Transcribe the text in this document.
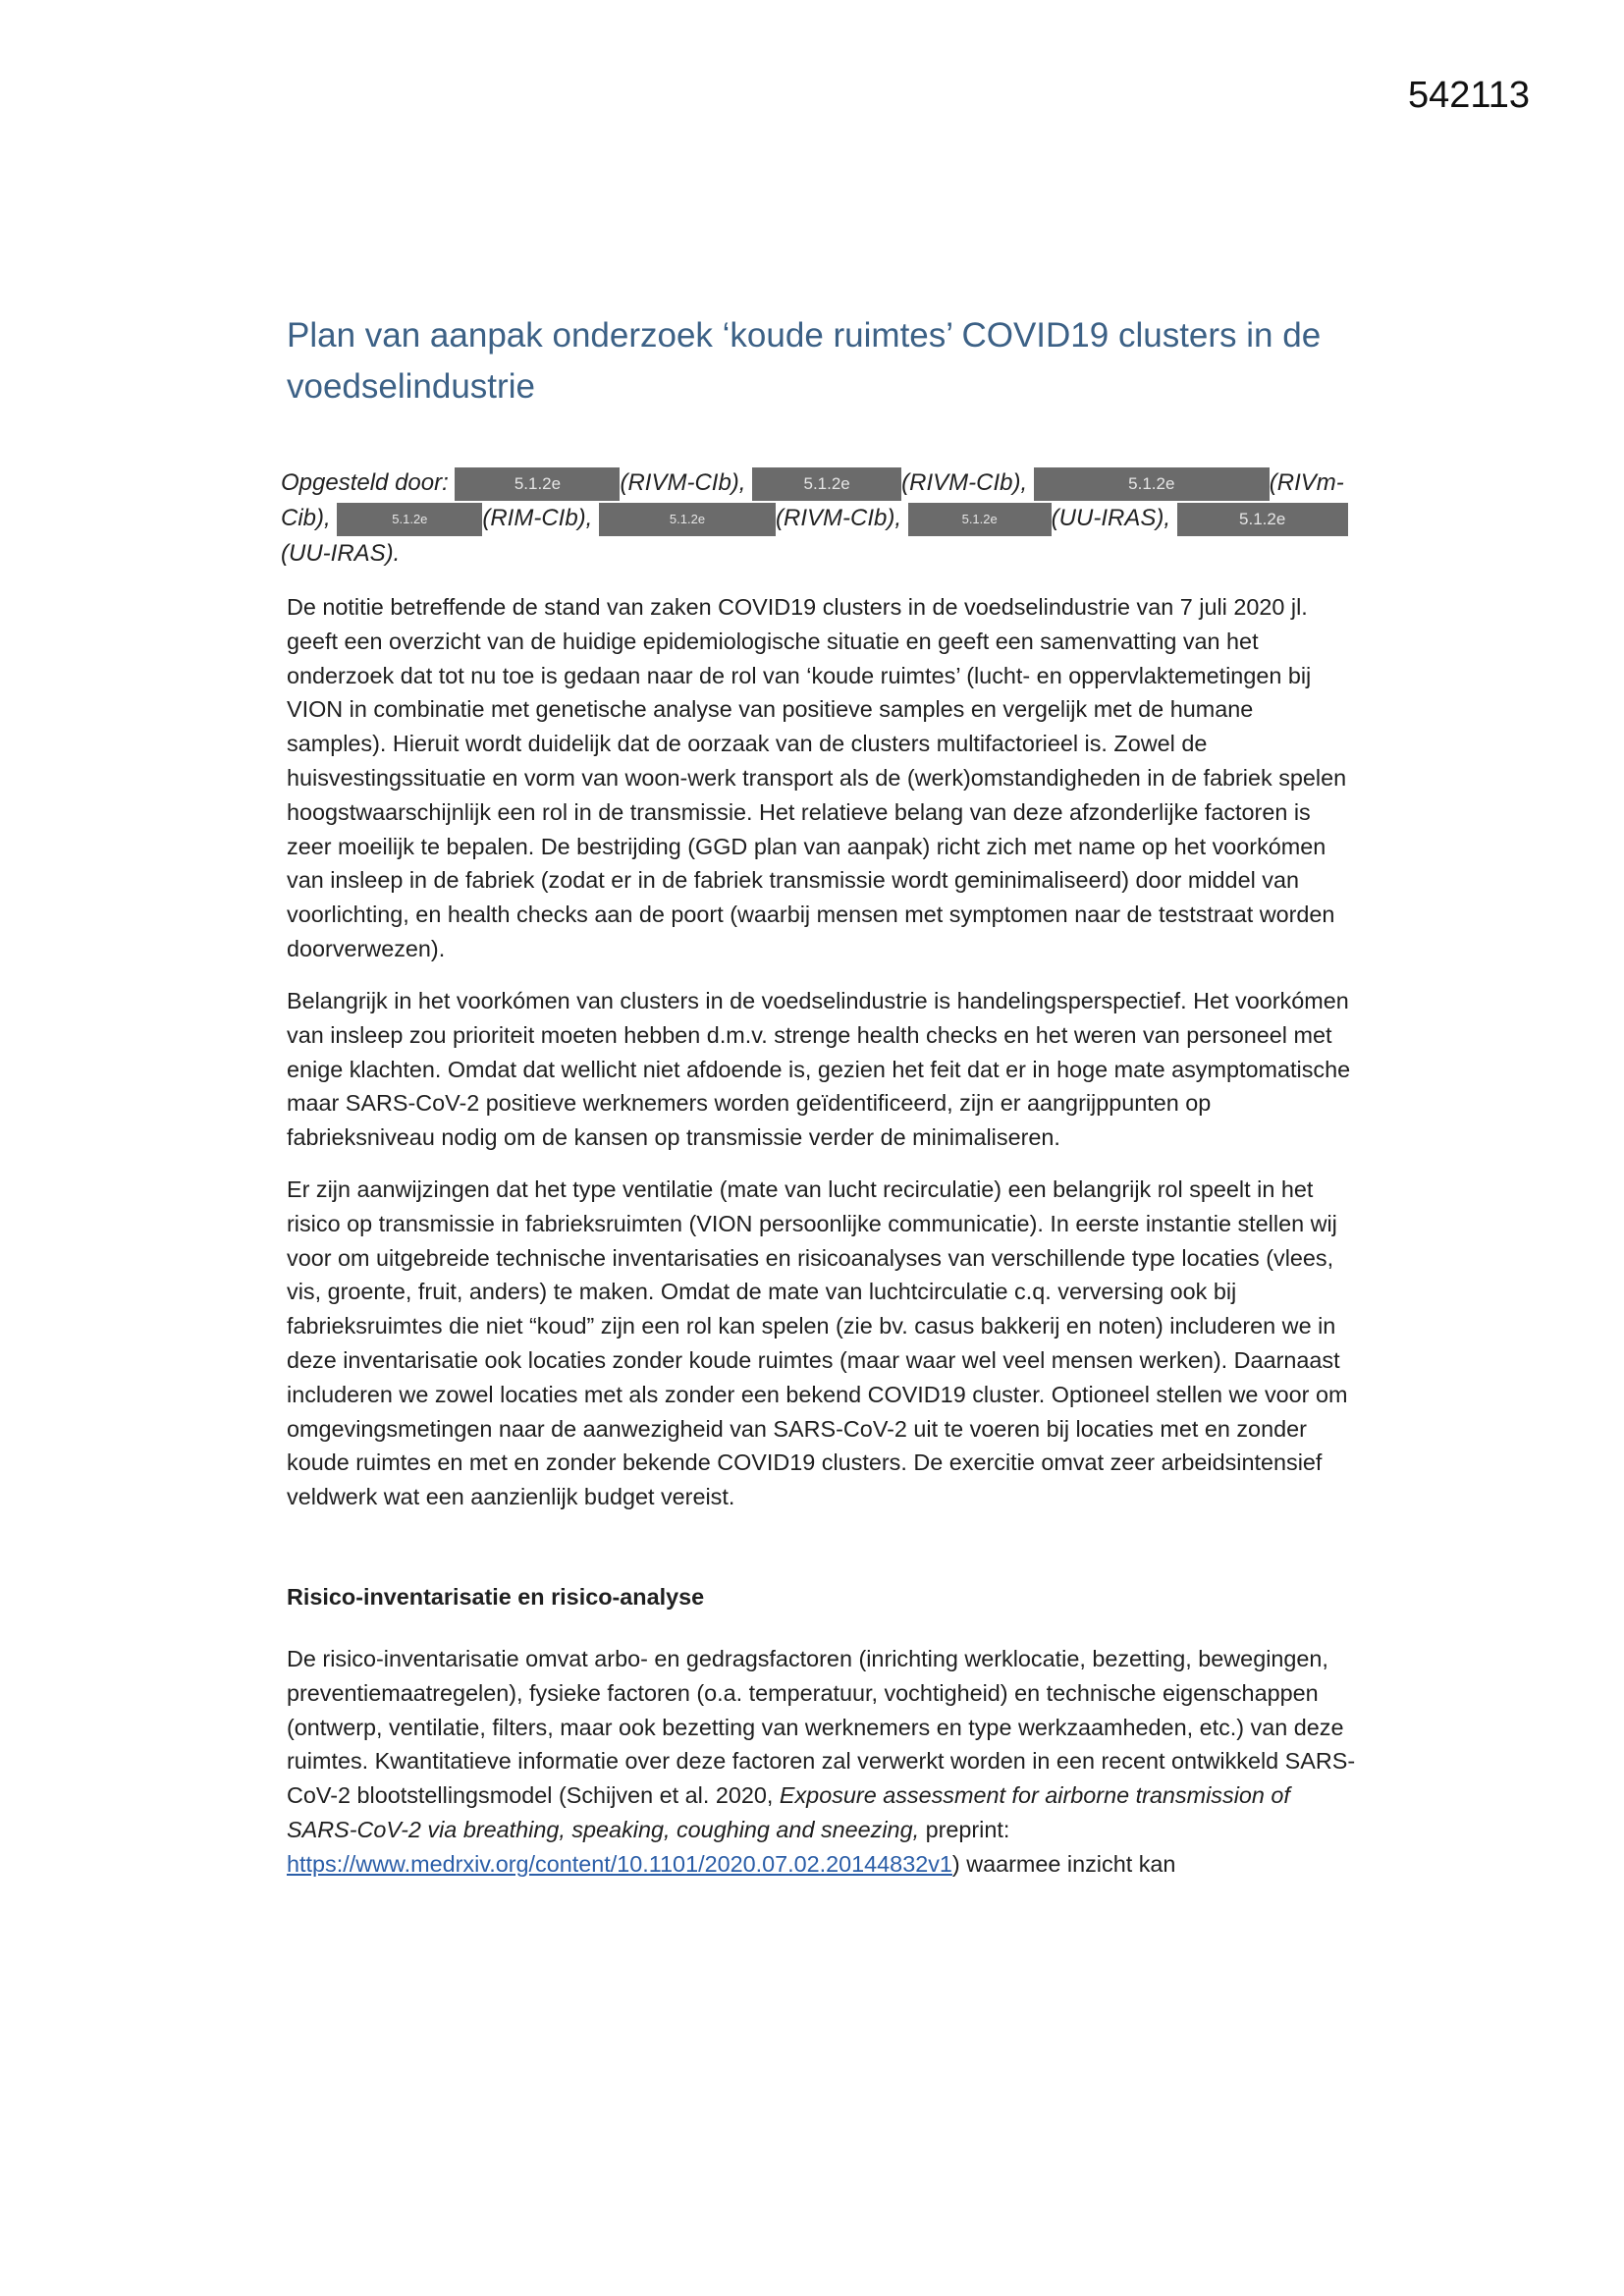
542113
Plan van aanpak onderzoek ‘koude ruimtes’ COVID19 clusters in de voedselindustrie
Opgesteld door:	5.1.2e	(RIVM-CIb),	5.1.2e (RIVM-CIb),	5.1.2e	(RIVm-Cib),	5.1.2e (RIM-CIb),	5.1.2e	(RIVM-CIb),	5.1.2e (UU-IRAS),	5.1.2e(UU-IRAS).

De notitie betreffende de stand van zaken COVID19 clusters in de voedselindustrie van 7 juli 2020 jl. geeft een overzicht van de huidige epidemiologische situatie en geeft een samenvatting van het onderzoek dat tot nu toe is gedaan naar de rol van ‘koude ruimtes’ (lucht- en oppervlaktemetingen bij VION in combinatie met genetische analyse van positieve samples en vergelijk met de humane samples). Hieruit wordt duidelijk dat de oorzaak van de clusters multifactorieel is. Zowel de huisvestingssituatie en vorm van woon-werk transport als de (werk)omstandigheden in de fabriek spelen hoogstwaarschijnlijk een rol in de transmissie. Het relatieve belang van deze afzonderlijke factoren is zeer moeilijk te bepalen. De bestrijding (GGD plan van aanpak) richt zich met name op het voorkómen van insleep in de fabriek (zodat er in de fabriek transmissie wordt geminimaliseerd) door middel van voorlichting, en health checks aan de poort (waarbij mensen met symptomen naar de teststraat worden doorverwezen).

Belangrijk in het voorkómen van clusters in de voedselindustrie is handelingsperspectief. Het voorkómen van insleep zou prioriteit moeten hebben d.m.v. strenge health checks en het weren van personeel met enige klachten. Omdat dat wellicht niet afdoende is, gezien het feit dat er in hoge mate asymptomatische maar SARS-CoV-2 positieve werknemers worden geïdentificeerd, zijn er aangrijppunten op fabrieksniveau nodig om de kansen op transmissie verder de minimaliseren.

Er zijn aanwijzingen dat het type ventilatie (mate van lucht recirculatie) een belangrijk rol speelt in het risico op transmissie in fabrieksruimten (VION persoonlijke communicatie). In eerste instantie stellen wij voor om uitgebreide technische inventarisaties en risicoanalyses van verschillende type locaties (vlees, vis, groente, fruit, anders) te maken. Omdat de mate van luchtcirculatie c.q. verversing ook bij fabrieksruimtes die niet “koud” zijn een rol kan spelen (zie bv. casus bakkerij en noten) includeren we in deze inventarisatie ook locaties zonder koude ruimtes (maar waar wel veel mensen werken). Daarnaast includeren we zowel locaties met als zonder een bekend COVID19 cluster. Optioneel stellen we voor om omgevingsmetingen naar de aanwezigheid van SARS-CoV-2 uit te voeren bij locaties met en zonder koude ruimtes en met en zonder bekende COVID19 clusters. De exercitie omvat zeer arbeidsintensief veldwerk wat een aanzienlijk budget vereist.

Risico-inventarisatie en risico-analyse

De risico-inventarisatie omvat arbo- en gedragsfactoren (inrichting werklocatie, bezetting, bewegingen, preventiemaatregelen), fysieke factoren (o.a. temperatuur, vochtigheid) en technische eigenschappen (ontwerp, ventilatie, filters, maar ook bezetting van werknemers en type werkzaamheden, etc.) van deze ruimtes. Kwantitatieve informatie over deze factoren zal verwerkt worden in een recent ontwikkeld SARS-CoV-2 blootstellingsmodel (Schijven et al. 2020, Exposure assessment for airborne transmission of SARS-CoV-2 via breathing, speaking, coughing and sneezing, preprint: https://www.medrxiv.org/content/10.1101/2020.07.02.20144832v1) waarmee inzicht kan
